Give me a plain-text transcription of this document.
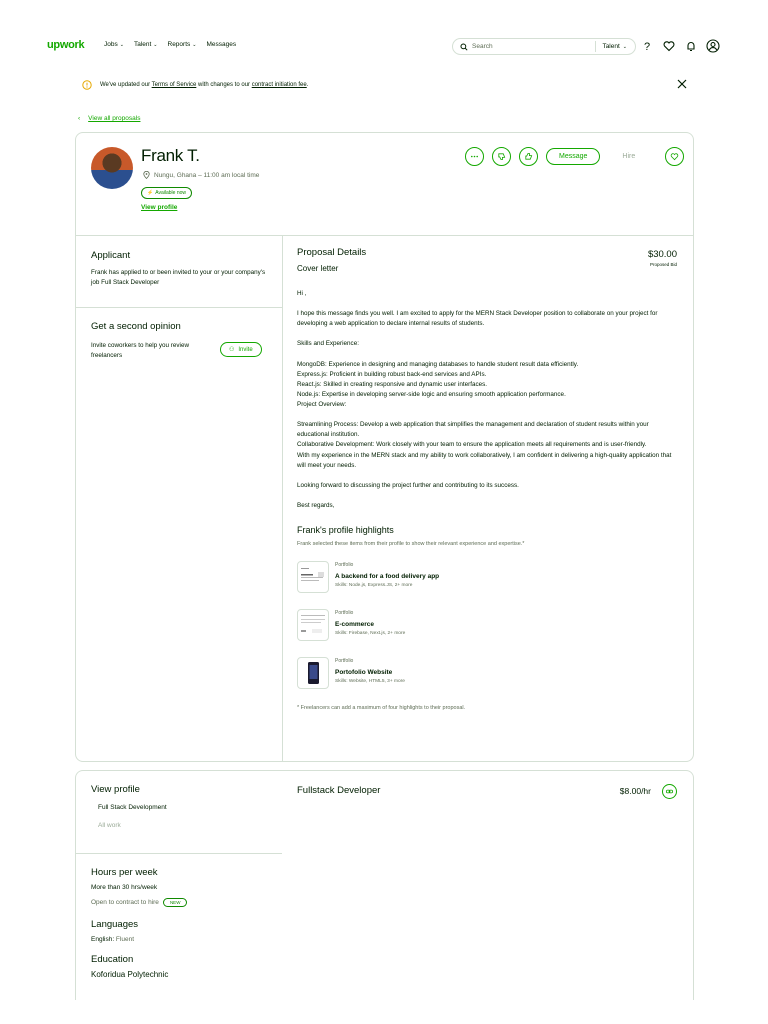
upwork	Jobs ⌄ Talent ⌄ Reports ⌄ Messages	Search	Talent ⌄ ?
We've updated our Terms of Service with changes to our contract initiation fee.
‹ View all proposals
Frank T.
Nungu, Ghana – 11:00 am local time
⚡ Available now
View profile
Message	Hire
Applicant
Frank has applied to or been invited to your or your company's job Full Stack Developer
Get a second opinion
Invite coworkers to help you review freelancers
⚇ Invite
Proposal Details
Cover letter

Hi ,

I hope this message finds you well. I am excited to apply for the MERN Stack Developer position to collaborate on your project for developing a web application to declare internal results of students.

Skills and Experience:

MongoDB: Experience in designing and managing databases to handle student result data efficiently.
Express.js: Proficient in building robust back-end services and APIs.
React.js: Skilled in creating responsive and dynamic user interfaces.
Node.js: Expertise in developing server-side logic and ensuring smooth application performance.
Project Overview:

Streamlining Process: Develop a web application that simplifies the management and declaration of student results within your educational institution.
Collaborative Development: Work closely with your team to ensure the application meets all requirements and is user-friendly.
With my experience in the MERN stack and my ability to work collaboratively, I am confident in delivering a high-quality application that will meet your needs.

Looking forward to discussing the project further and contributing to its success.

Best regards,

Frank's profile highlights
Frank selected these items from their profile to show their relevant experience and expertise.*
Portfolio
A backend for a food delivery app
Skills: Node.js, Express.JS, 2+ more
Portfolio
E-commerce
Skills: Firebase, Next.js, 2+ more
Portfolio
Portofolio Website
Skills: Website, HTML5, 3+ more
* Freelancers can add a maximum of four highlights to their proposal.
$30.00
Proposed Bid
View profile
Full Stack Development
All work
Hours per week
More than 30 hrs/week
Open to contract to hire NEW
Languages
English: Fluent
Education
Koforidua Polytechnic
Fullstack Developer	$8.00/hr
